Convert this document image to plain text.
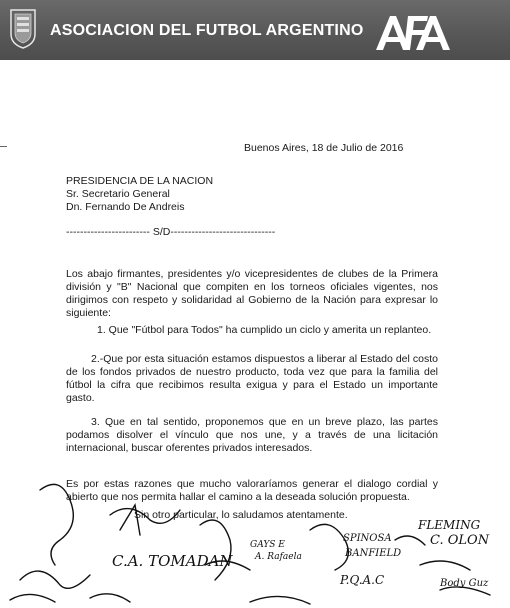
ASOCIACION DEL FUTBOL ARGENTINO
Buenos Aires, 18 de Julio de 2016
PRESIDENCIA DE LA NACION
Sr. Secretario General
Dn. Fernando De Andreis
------------------------ S/D------------------------------
Los abajo firmantes, presidentes y/o vicepresidentes de clubes de la Primera división y "B" Nacional que compiten en los torneos oficiales vigentes, nos dirigimos con respeto y solidaridad al Gobierno de la Nación para expresar lo siguiente:
1. Que "Fútbol para Todos" ha cumplido un ciclo y amerita un replanteo.
2.-Que por esta situación estamos dispuestos a liberar al Estado del costo de los fondos privados de nuestro producto, toda vez que para la familia del fútbol la cifra que recibimos resulta exigua y para el Estado un importante gasto.
3. Que en tal sentido, proponemos que en un breve plazo, las partes podamos disolver el vínculo que nos une, y a través de una licitación internacional, buscar oferentes privados interesados.
Es por estas razones que mucho valoraríamos generar el dialogo cordial y abierto que nos permita hallar el camino a la deseada solución propuesta.
Sin otro particular, lo saludamos atentamente.
FLEMING
C. OLON
C.A. TOMADAN
GAYS E
A. Rafaela
SPINOSA
BANFIELD
P.Q.A.C	Body Guz
